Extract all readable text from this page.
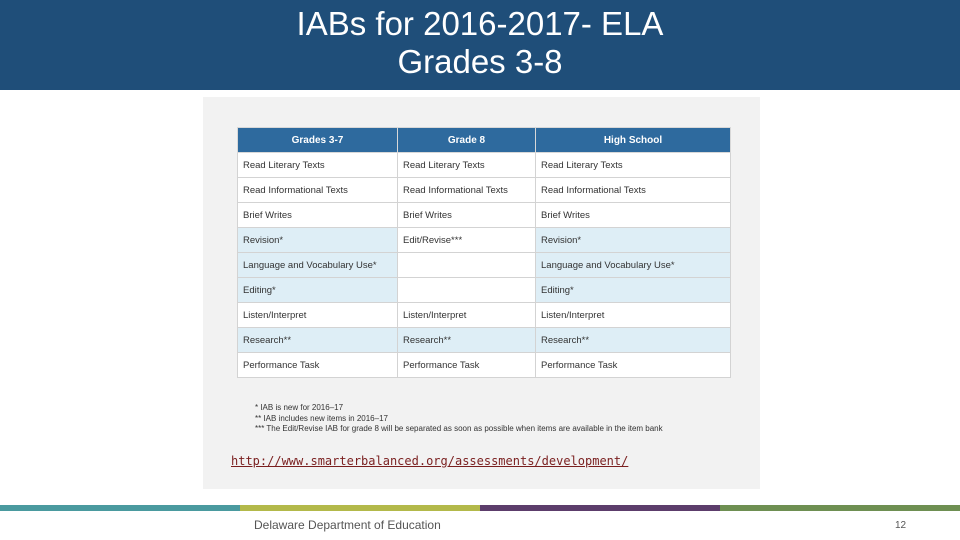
IABs for 2016-2017- ELA
Grades 3-8
Grades 3-7	Grade 8	High School
Read Literary Texts	Read Literary Texts	Read Literary Texts
Read Informational Texts	Read Informational Texts	Read Informational Texts
Brief Writes	Brief Writes	Brief Writes
Revision*	Edit/Revise***	Revision*
Language and Vocabulary Use*		Language and Vocabulary Use*
Editing*		Editing*
Listen/Interpret	Listen/Interpret	Listen/Interpret
Research**	Research**	Research**
Performance Task	Performance Task	Performance Task
* IAB is new for 2016–17
** IAB includes new items in 2016–17
*** The Edit/Revise IAB for grade 8 will be separated as soon as possible when items are available in the item bank
http://www.smarterbalanced.org/assessments/development/
Delaware Department of Education	12
